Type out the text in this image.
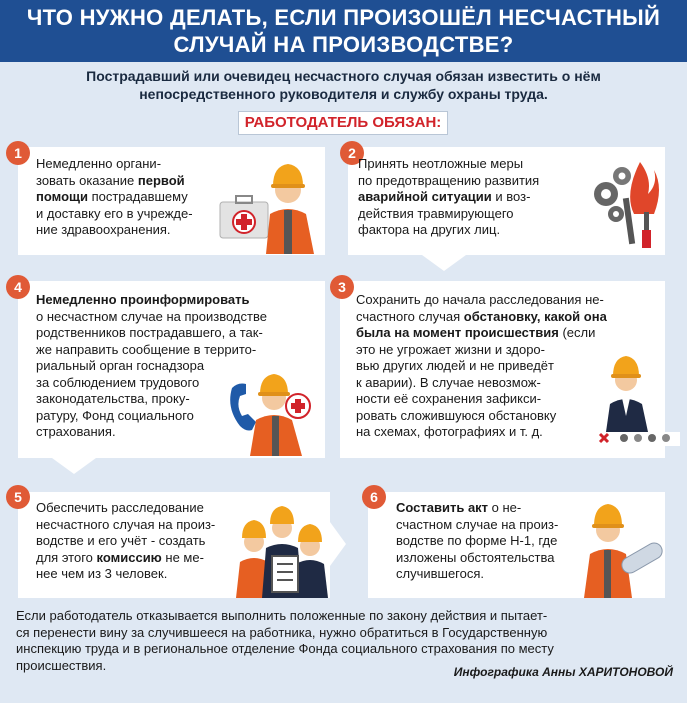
ЧТО НУЖНО ДЕЛАТЬ, ЕСЛИ ПРОИЗОШЁЛ НЕСЧАСТНЫЙ
СЛУЧАЙ НА ПРОИЗВОДСТВЕ?
Пострадавший или очевидец несчастного случая обязан известить о нём
непосредственного руководителя и службу охраны труда.
РАБОТОДАТЕЛЬ ОБЯЗАН:
1
Немедленно органи-
зовать оказание первой
помощи пострадавшему
и доставку его в учрежде-
ние здравоохранения.
2
Принять неотложные меры
по предотвращению развития
аварийной ситуации и воз-
действия травмирующего
фактора на других лиц.
4
Немедленно проинформировать
о несчастном случае на производстве
родственников пострадавшего, а так-
же направить сообщение в террито-
риальный орган госнадзора
за соблюдением трудового
законодательства, проку-
ратуру, Фонд социального
страхования.
3
Сохранить до начала расследования не-
счастного случая обстановку, какой она
была на момент происшествия (если
это не угрожает жизни и здоро-
вью других людей и не приведёт
к аварии). В случае невозмож-
ности её сохранения зафикси-
ровать сложившуюся обстановку
на схемах, фотографиях и т. д.
5
Обеспечить расследование
несчастного случая на произ-
водстве и его учёт - создать
для этого комиссию не ме-
нее чем из 3 человек.
6
Составить акт о не-
счастном случае на произ-
водстве по форме Н-1, где
изложены обстоятельства
случившегося.
Если работодатель отказывается выполнить положенные по закону действия и пытает-
ся перенести вину за случившееся на работника, нужно обратиться в Государственную
инспекцию труда и в региональное отделение Фонда социального страхования по месту
происшествия.	Инфографика Анны ХАРИТОНОВОЙ
